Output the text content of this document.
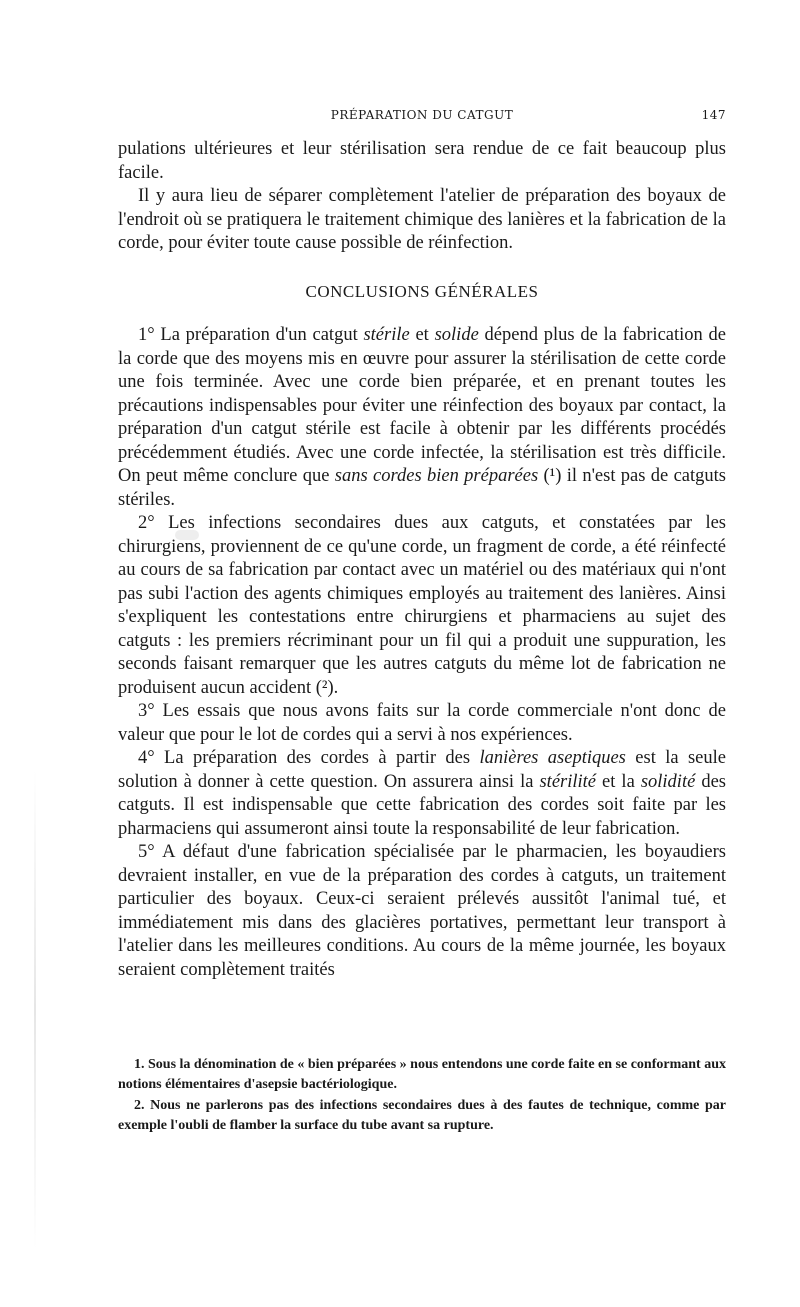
PRÉPARATION DU CATGUT	147

pulations ultérieures et leur stérilisation sera rendue de ce fait beaucoup plus facile.

Il y aura lieu de séparer complètement l'atelier de préparation des boyaux de l'endroit où se pratiquera le traitement chimique des lanières et la fabrication de la corde, pour éviter toute cause possible de réinfection.

CONCLUSIONS GÉNÉRALES

1° La préparation d'un catgut stérile et solide dépend plus de la fabrication de la corde que des moyens mis en œuvre pour assurer la stérilisation de cette corde une fois terminée. Avec une corde bien préparée, et en prenant toutes les précautions indispensables pour éviter une réinfection des boyaux par contact, la préparation d'un catgut stérile est facile à obtenir par les différents procédés précédemment étudiés. Avec une corde infectée, la stérilisation est très difficile. On peut même conclure que sans cordes bien préparées (¹) il n'est pas de catguts stériles.

2° Les infections secondaires dues aux catguts, et constatées par les chirurgiens, proviennent de ce qu'une corde, un fragment de corde, a été réinfecté au cours de sa fabrication par contact avec un matériel ou des matériaux qui n'ont pas subi l'action des agents chimiques employés au traitement des lanières. Ainsi s'expliquent les contestations entre chirurgiens et pharmaciens au sujet des catguts : les premiers récriminant pour un fil qui a produit une suppuration, les seconds faisant remarquer que les autres catguts du même lot de fabrication ne produisent aucun accident (²).

3° Les essais que nous avons faits sur la corde commerciale n'ont donc de valeur que pour le lot de cordes qui a servi à nos expériences.

4° La préparation des cordes à partir des lanières aseptiques est la seule solution à donner à cette question. On assurera ainsi la stérilité et la solidité des catguts. Il est indispensable que cette fabrication des cordes soit faite par les pharmaciens qui assumeront ainsi toute la responsabilité de leur fabrication.

5° A défaut d'une fabrication spécialisée par le pharmacien, les boyaudiers devraient installer, en vue de la préparation des cordes à catguts, un traitement particulier des boyaux. Ceux-ci seraient prélevés aussitôt l'animal tué, et immédiatement mis dans des glacières portatives, permettant leur transport à l'atelier dans les meilleures conditions. Au cours de la même journée, les boyaux seraient complètement traités

1. Sous la dénomination de « bien préparées » nous entendons une corde faite en se conformant aux notions élémentaires d'asepsie bactériologique.

2. Nous ne parlerons pas des infections secondaires dues à des fautes de technique, comme par exemple l'oubli de flamber la surface du tube avant sa rupture.
